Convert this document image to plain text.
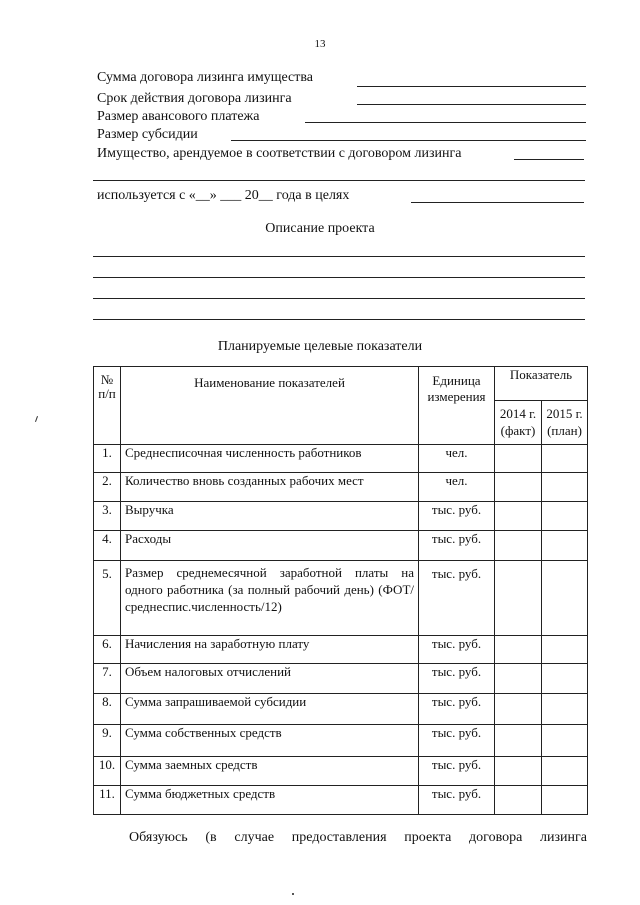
13
Сумма договора лизинга имущества
Срок действия договора лизинга
Размер авансового платежа
Размер субсидии
Имущество, арендуемое в соответствии с договором лизинга
используется с «__» ___ 20__ года в целях
Описание проекта
Планируемые целевые показатели
№ п/п	Наименование показателей	Единица измерения	Показатель	
			2014 г. (факт)	2015 г. (план)
1.	Среднесписочная численность работников	чел.		
2.	Количество вновь созданных рабочих мест	чел.		
3.	Выручка	тыс. руб.		
4.	Расходы	тыс. руб.		
5.	Размер среднемесячной заработной платы на одного работника (за полный рабочий день) (ФОТ/среднеспис.численность/12)	тыс. руб.		
6.	Начисления на заработную плату	тыс. руб.		
7.	Объем налоговых отчислений	тыс. руб.		
8.	Сумма запрашиваемой субсидии	тыс. руб.		
9.	Сумма собственных средств	тыс. руб.		
10.	Сумма заемных средств	тыс. руб.		
11.	Сумма бюджетных средств	тыс. руб.		
Обязуюсь (в случае предоставления проекта договора лизинга
